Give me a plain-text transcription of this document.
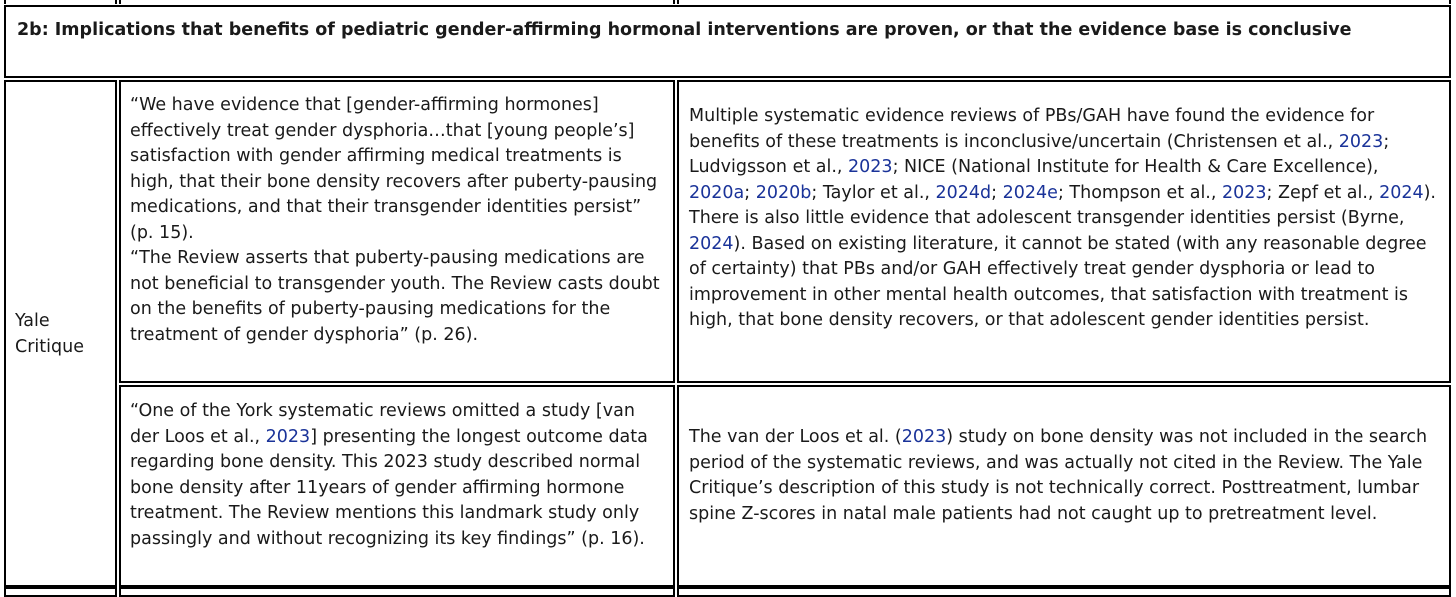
2b: Implications that benefits of pediatric gender-affirming hormonal interventions are proven, or that the evidence base is conclusive

Yale Critique

“We have evidence that [gender-affirming hormones] effectively treat gender dysphoria…that [young people’s] satisfaction with gender affirming medical treatments is high, that their bone density recovers after puberty-pausing medications, and that their transgender identities persist” (p. 15).

“The Review asserts that puberty-pausing medications are not beneficial to transgender youth. The Review casts doubt on the benefits of puberty-pausing medications for the treatment of gender dysphoria” (p. 26).

Multiple systematic evidence reviews of PBs/GAH have found the evidence for benefits of these treatments is inconclusive/uncertain (Christensen et al., 2023; Ludvigsson et al., 2023; NICE (National Institute for Health & Care Excellence), 2020a; 2020b; Taylor et al., 2024d; 2024e; Thompson et al., 2023; Zepf et al., 2024). There is also little evidence that adolescent transgender identities persist (Byrne, 2024). Based on existing literature, it cannot be stated (with any reasonable degree of certainty) that PBs and/or GAH effectively treat gender dysphoria or lead to improvement in other mental health outcomes, that satisfaction with treatment is high, that bone density recovers, or that adolescent gender identities persist.

“One of the York systematic reviews omitted a study [van der Loos et al., 2023] presenting the longest outcome data regarding bone density. This 2023 study described normal bone density after 11years of gender affirming hormone treatment. The Review mentions this landmark study only passingly and without recognizing its key findings” (p. 16).

The van der Loos et al. (2023) study on bone density was not included in the search period of the systematic reviews, and was actually not cited in the Review. The Yale Critique’s description of this study is not technically correct. Posttreatment, lumbar spine Z-scores in natal male patients had not caught up to pretreatment level.
